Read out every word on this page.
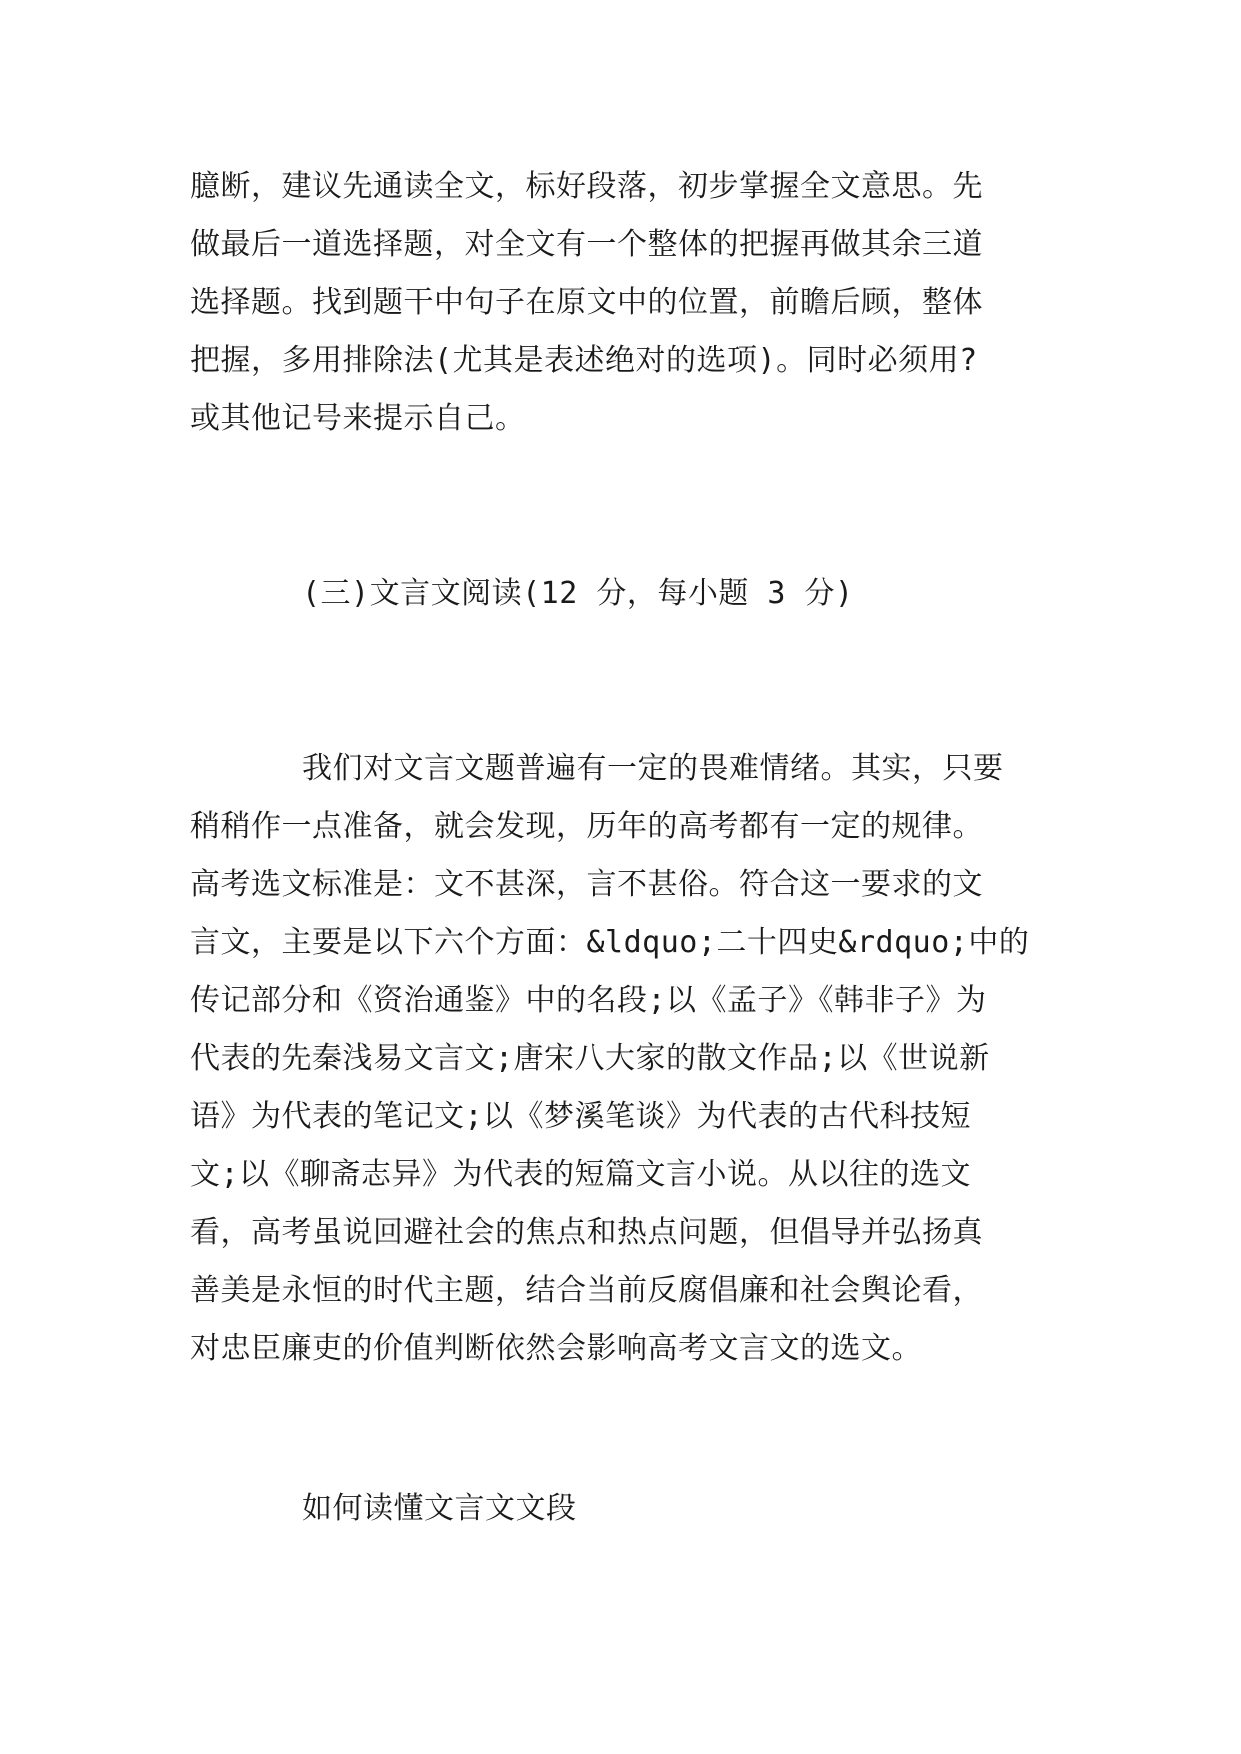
臆断，建议先通读全文，标好段落，初步掌握全文意思。先
做最后一道选择题，对全文有一个整体的把握再做其余三道
选择题。找到题干中句子在原文中的位置，前瞻后顾，整体
把握，多用排除法(尤其是表述绝对的选项)。同时必须用?
或其他记号来提示自己。
(三)文言文阅读(12 分，每小题 3 分)
我们对文言文题普遍有一定的畏难情绪。其实，只要
稍稍作一点准备，就会发现，历年的高考都有一定的规律。
高考选文标准是：文不甚深，言不甚俗。符合这一要求的文
言文，主要是以下六个方面：&ldquo;二十四史&rdquo;中的
传记部分和《资治通鉴》中的名段;以《孟子》《韩非子》为
代表的先秦浅易文言文;唐宋八大家的散文作品;以《世说新
语》为代表的笔记文;以《梦溪笔谈》为代表的古代科技短
文;以《聊斋志异》为代表的短篇文言小说。从以往的选文
看，高考虽说回避社会的焦点和热点问题，但倡导并弘扬真
善美是永恒的时代主题，结合当前反腐倡廉和社会舆论看，
对忠臣廉吏的价值判断依然会影响高考文言文的选文。
如何读懂文言文文段
